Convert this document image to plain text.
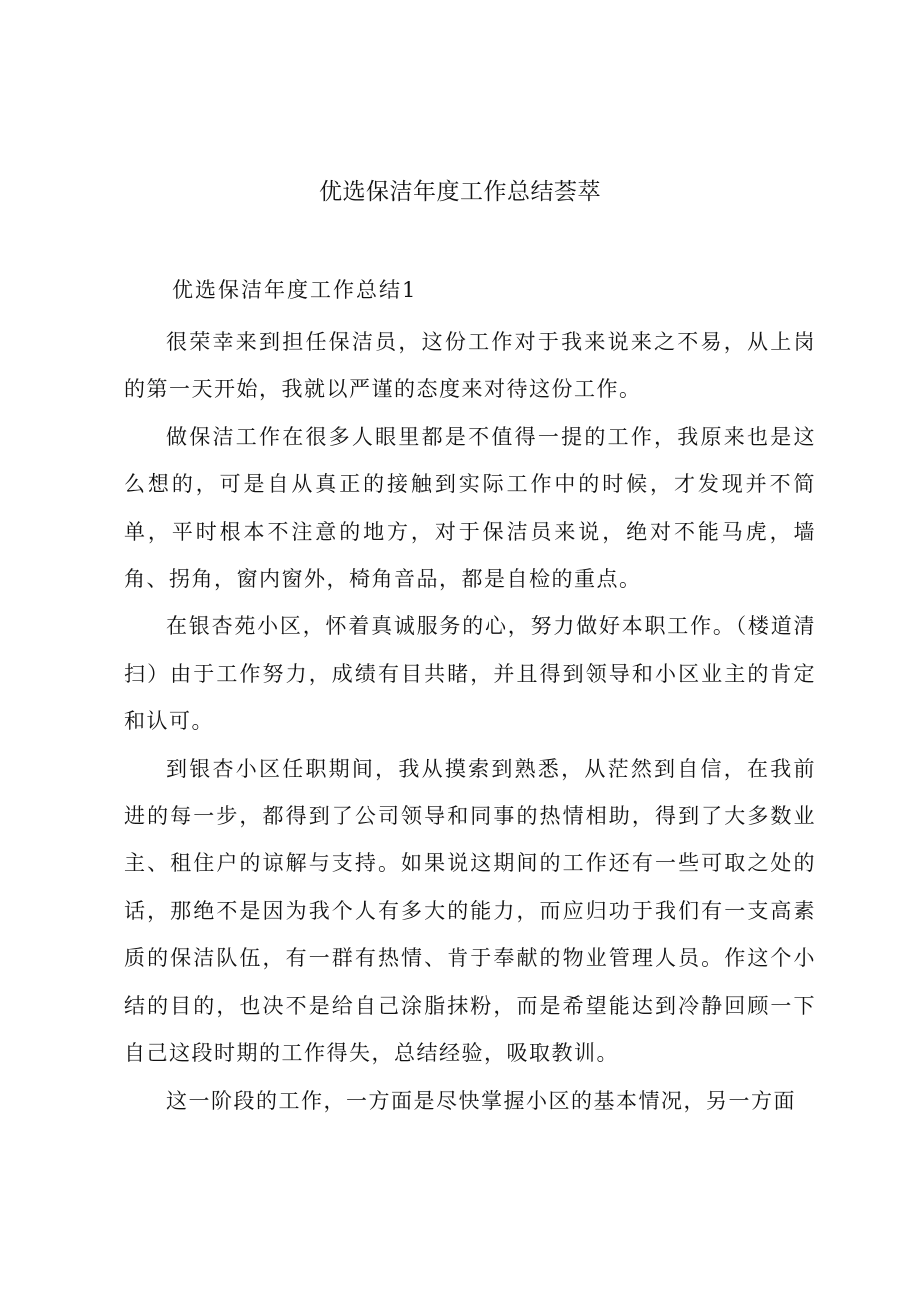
优选保洁年度工作总结荟萃
优选保洁年度工作总结1

很荣幸来到担任保洁员，这份工作对于我来说来之不易，从上岗的第一天开始，我就以严谨的态度来对待这份工作。

做保洁工作在很多人眼里都是不值得一提的工作，我原来也是这么想的，可是自从真正的接触到实际工作中的时候，才发现并不简单，平时根本不注意的地方，对于保洁员来说，绝对不能马虎，墙角、拐角，窗内窗外，椅角音品，都是自检的重点。

在银杏苑小区，怀着真诚服务的心，努力做好本职工作。（楼道清扫）由于工作努力，成绩有目共睹，并且得到领导和小区业主的肯定和认可。

到银杏小区任职期间，我从摸索到熟悉，从茫然到自信，在我前进的每一步，都得到了公司领导和同事的热情相助，得到了大多数业主、租住户的谅解与支持。如果说这期间的工作还有一些可取之处的话，那绝不是因为我个人有多大的能力，而应归功于我们有一支高素质的保洁队伍，有一群有热情、肯于奉献的物业管理人员。作这个小结的目的，也决不是给自己涂脂抹粉，而是希望能达到冷静回顾一下自己这段时期的工作得失，总结经验，吸取教训。

这一阶段的工作，一方面是尽快掌握小区的基本情况，另一方面
